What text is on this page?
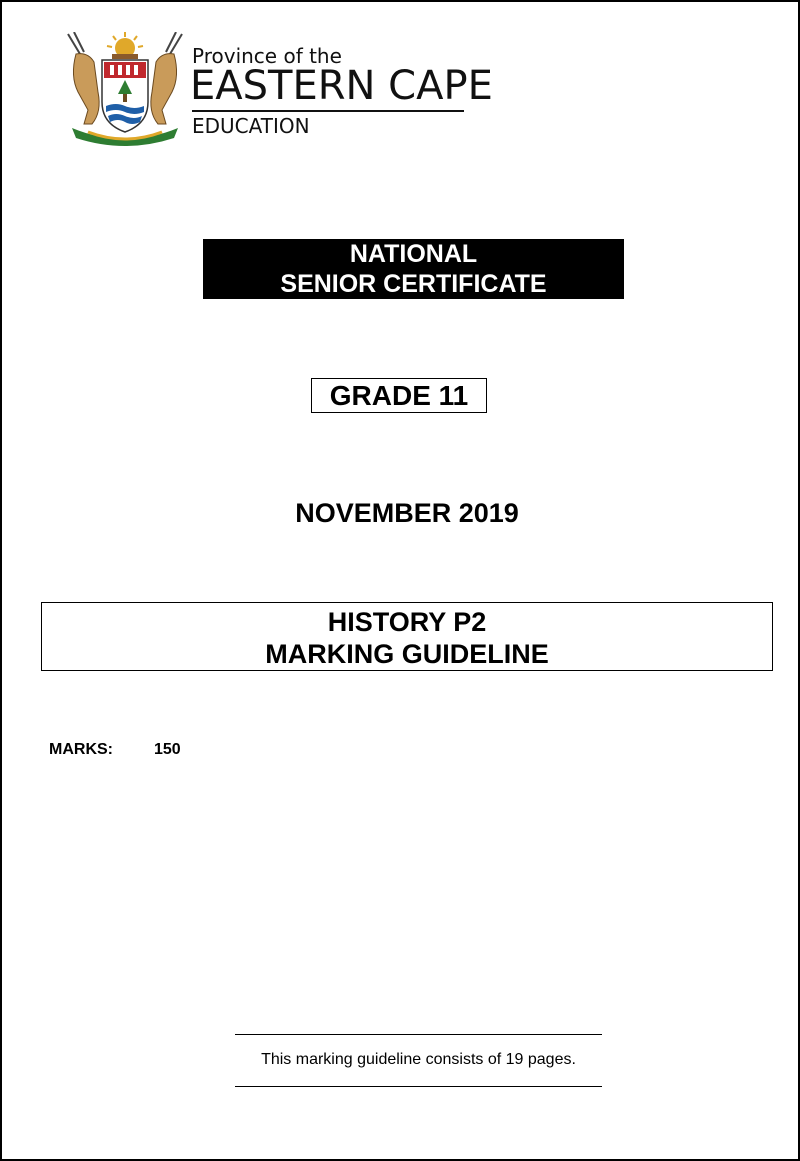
Province of the
EASTERN CAPE
EDUCATION
NATIONAL
SENIOR CERTIFICATE
GRADE 11
NOVEMBER 2019
HISTORY P2
MARKING GUIDELINE
MARKS:	150
This marking guideline consists of 19 pages.
